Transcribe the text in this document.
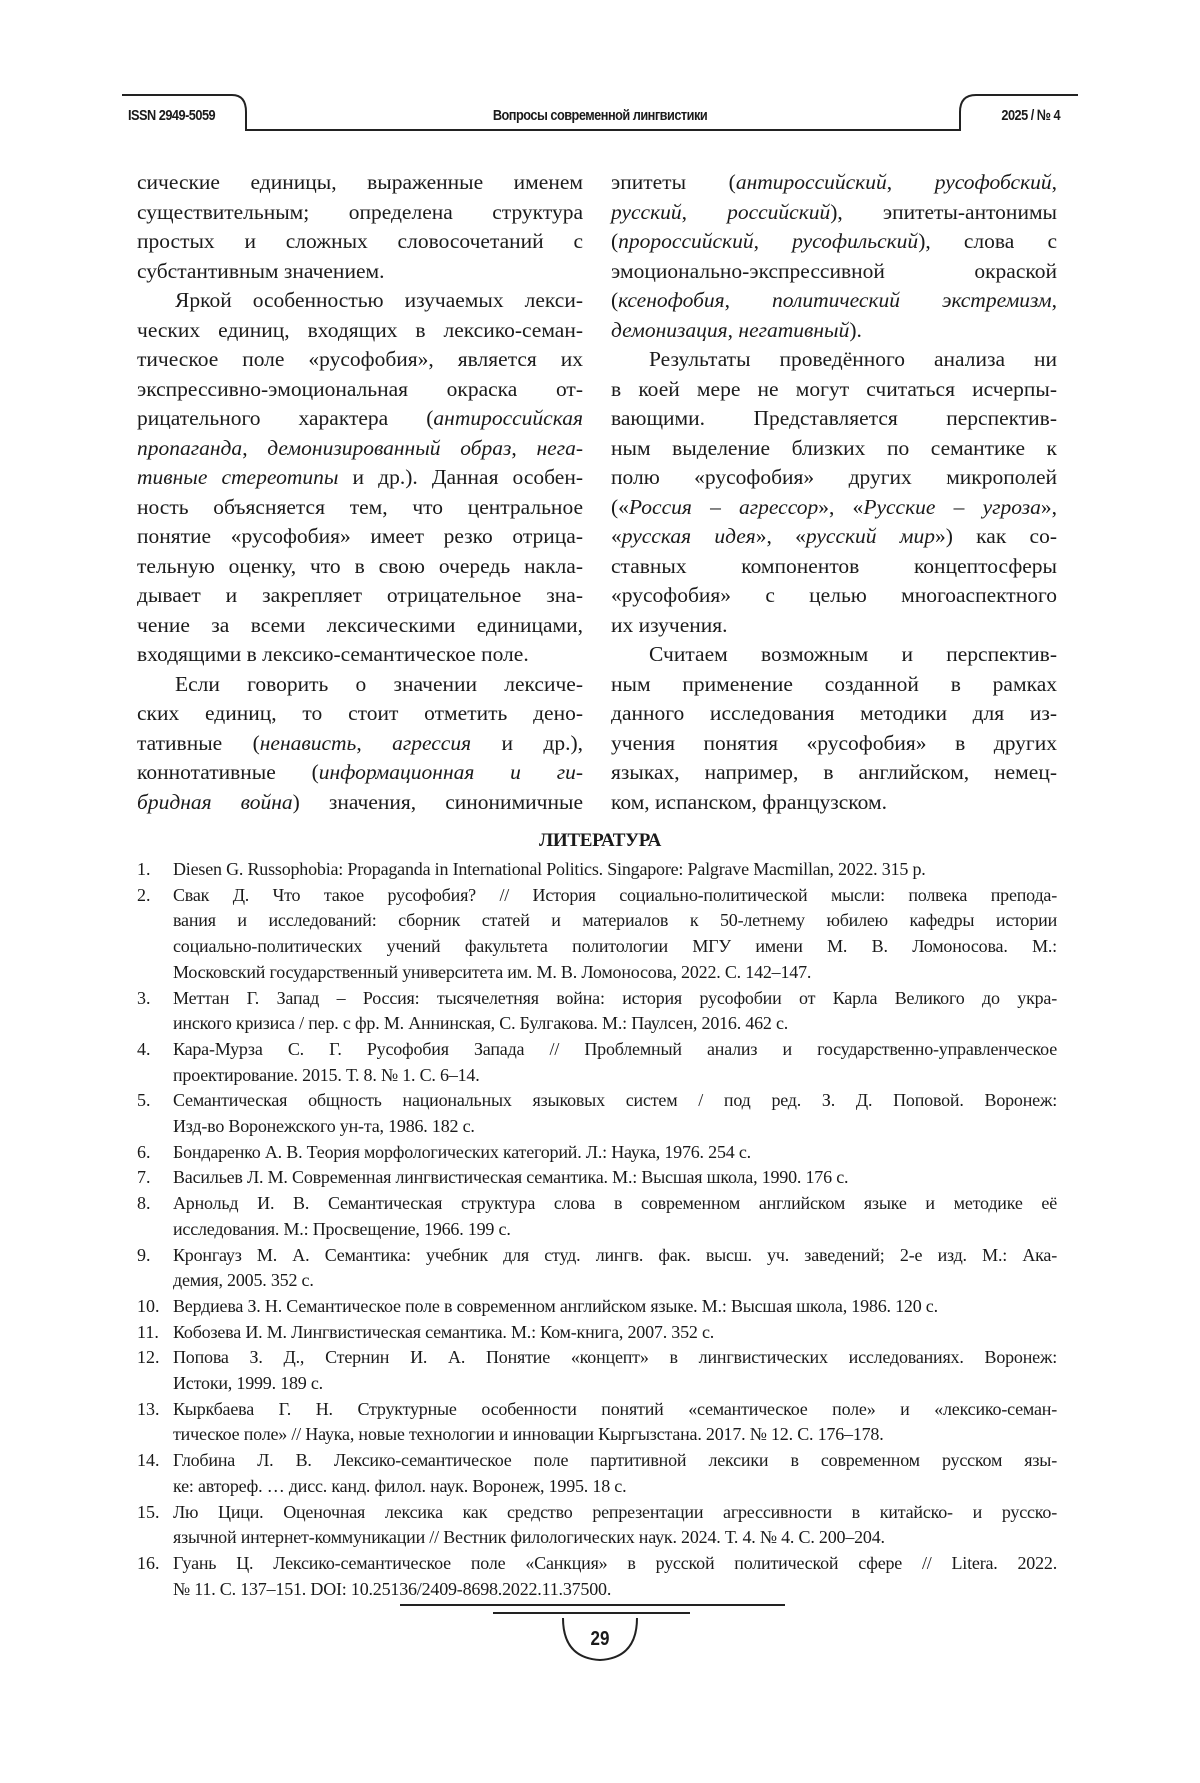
ISSN 2949-5059	Вопросы современной лингвистики	2025 / № 4
сические единицы, выраженные именем
существительным; определена структура
простых и сложных словосочетаний с
субстантивным значением.
Яркой особенностью изучаемых лекси-
ческих единиц, входящих в лексико-семан-
тическое поле «русофобия», является их
экспрессивно-эмоциональная окраска от-
рицательного характера (антироссийская
пропаганда, демонизированный образ, нега-
тивные стереотипы и др.). Данная особен-
ность объясняется тем, что центральное
понятие «русофобия» имеет резко отрица-
тельную оценку, что в свою очередь накла-
дывает и закрепляет отрицательное зна-
чение за всеми лексическими единицами,
входящими в лексико-семантическое поле.
Если говорить о значении лексиче-
ских единиц, то стоит отметить дено-
тативные (ненависть, агрессия и др.),
коннотативные (информационная и ги-
бридная война) значения, синонимичные
эпитеты (антироссийский, русофобский,
русский, российский), эпитеты-антонимы
(пророссийский, русофильский), слова с
эмоционально-экспрессивной окраской
(ксенофобия, политический экстремизм,
демонизация, негативный).
Результаты проведённого анализа ни
в коей мере не могут считаться исчерпы-
вающими. Представляется перспектив-
ным выделение близких по семантике к
полю «русофобия» других микрополей
(«Россия – агрессор», «Русские – угроза»,
«русская идея», «русский мир») как со-
ставных компонентов концептосферы
«русофобия» с целью многоаспектного
их изучения.
Считаем возможным и перспектив-
ным применение созданной в рамках
данного исследования методики для из-
учения понятия «русофобия» в других
языках, например, в английском, немец-
ком, испанском, французском.
ЛИТЕРАТУРА
1. Diesen G. Russophobia: Propaganda in International Politics. Singapore: Palgrave Macmillan, 2022. 315 p.
2. Свак Д. Что такое русофобия? // История социально-политической мысли: полвека препода-
вания и исследований: сборник статей и материалов к 50-летнему юбилею кафедры истории
социально-политических учений факультета политологии МГУ имени М. В. Ломоносова. М.:
Московский государственный университета им. М. В. Ломоносова, 2022. С. 142–147.
3. Меттан Г. Запад – Россия: тысячелетняя война: история русофобии от Карла Великого до укра-
инского кризиса / пер. с фр. М. Аннинская, С. Булгакова. М.: Паулсен, 2016. 462 с.
4. Кара-Мурза С. Г. Русофобия Запада // Проблемный анализ и государственно-управленческое
проектирование. 2015. Т. 8. № 1. С. 6–14.
5. Семантическая общность национальных языковых систем / под ред. З. Д. Поповой. Воронеж:
Изд-во Воронежского ун-та, 1986. 182 с.
6. Бондаренко А. В. Теория морфологических категорий. Л.: Наука, 1976. 254 с.
7. Васильев Л. М. Современная лингвистическая семантика. М.: Высшая школа, 1990. 176 с.
8. Арнольд И. В. Семантическая структура слова в современном английском языке и методике её
исследования. М.: Просвещение, 1966. 199 с.
9. Кронгауз М. А. Семантика: учебник для студ. лингв. фак. высш. уч. заведений; 2-е изд. М.: Ака-
демия, 2005. 352 с.
10. Вердиева З. Н. Семантическое поле в современном английском языке. М.: Высшая школа, 1986. 120 с.
11. Кобозева И. М. Лингвистическая семантика. М.: Ком-книга, 2007. 352 с.
12. Попова З. Д., Стернин И. А. Понятие «концепт» в лингвистических исследованиях. Воронеж:
Истоки, 1999. 189 с.
13. Кыркбаева Г. Н. Структурные особенности понятий «семантическое поле» и «лексико-семан-
тическое поле» // Наука, новые технологии и инновации Кыргызстана. 2017. № 12. С. 176–178.
14. Глобина Л. В. Лексико-семантическое поле партитивной лексики в современном русском язы-
ке: автореф. … дисс. канд. филол. наук. Воронеж, 1995. 18 с.
15. Лю Цици. Оценочная лексика как средство репрезентации агрессивности в китайско- и русско-
язычной интернет-коммуникации // Вестник филологических наук. 2024. Т. 4. № 4. С. 200–204.
16. Гуань Ц. Лексико-семантическое поле «Санкция» в русской политической сфере // Litera. 2022.
№ 11. С. 137–151. DOI: 10.25136/2409-8698.2022.11.37500.
29
